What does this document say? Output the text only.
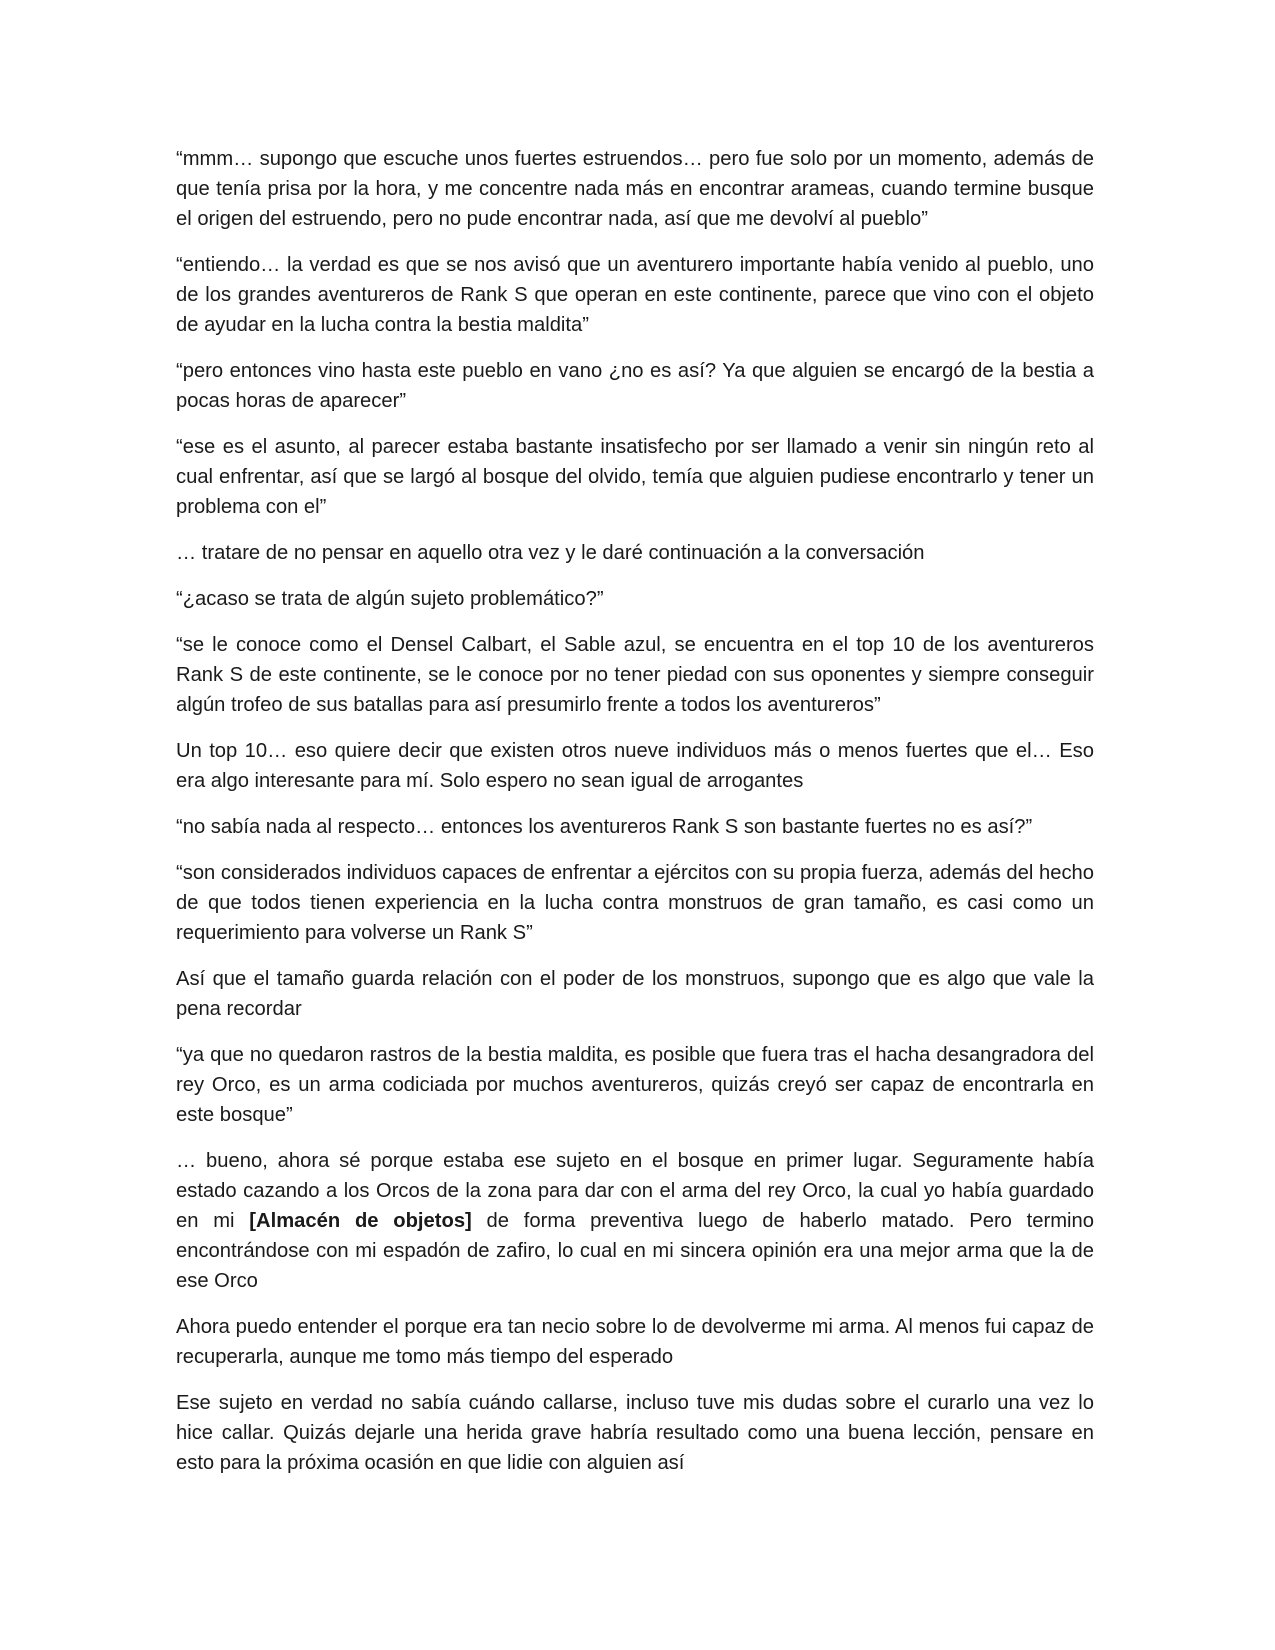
“mmm… supongo que escuche unos fuertes estruendos… pero fue solo por un momento, además de que tenía prisa por la hora, y me concentre nada más en encontrar arameas, cuando termine busque el origen del estruendo, pero no pude encontrar nada, así que me devolví al pueblo”

“entiendo… la verdad es que se nos avisó que un aventurero importante había venido al pueblo, uno de los grandes aventureros de Rank S que operan en este continente, parece que vino con el objeto de ayudar en la lucha contra la bestia maldita”

“pero entonces vino hasta este pueblo en vano ¿no es así? Ya que alguien se encargó de la bestia a pocas horas de aparecer”

“ese es el asunto, al parecer estaba bastante insatisfecho por ser llamado a venir sin ningún reto al cual enfrentar, así que se largó al bosque del olvido, temía que alguien pudiese encontrarlo y tener un problema con el”

… tratare de no pensar en aquello otra vez y le daré continuación a la conversación

“¿acaso se trata de algún sujeto problemático?”

“se le conoce como el Densel Calbart, el Sable azul, se encuentra en el top 10 de los aventureros Rank S de este continente, se le conoce por no tener piedad con sus oponentes y siempre conseguir algún trofeo de sus batallas para así presumirlo frente a todos los aventureros”

Un top 10… eso quiere decir que existen otros nueve individuos más o menos fuertes que el… Eso era algo interesante para mí. Solo espero no sean igual de arrogantes

“no sabía nada al respecto… entonces los aventureros Rank S son bastante fuertes no es así?”

“son considerados individuos capaces de enfrentar a ejércitos con su propia fuerza, además del hecho de que todos tienen experiencia en la lucha contra monstruos de gran tamaño, es casi como un requerimiento para volverse un Rank S”

Así que el tamaño guarda relación con el poder de los monstruos, supongo que es algo que vale la pena recordar

“ya que no quedaron rastros de la bestia maldita, es posible que fuera tras el hacha desangradora del rey Orco, es un arma codiciada por muchos aventureros, quizás creyó ser capaz de encontrarla en este bosque”

… bueno, ahora sé porque estaba ese sujeto en el bosque en primer lugar. Seguramente había estado cazando a los Orcos de la zona para dar con el arma del rey Orco, la cual yo había guardado en mi [Almacén de objetos] de forma preventiva luego de haberlo matado. Pero termino encontrándose con mi espadón de zafiro, lo cual en mi sincera opinión era una mejor arma que la de ese Orco

Ahora puedo entender el porque era tan necio sobre lo de devolverme mi arma. Al menos fui capaz de recuperarla, aunque me tomo más tiempo del esperado

Ese sujeto en verdad no sabía cuándo callarse, incluso tuve mis dudas sobre el curarlo una vez lo hice callar. Quizás dejarle una herida grave habría resultado como una buena lección, pensare en esto para la próxima ocasión en que lidie con alguien así
